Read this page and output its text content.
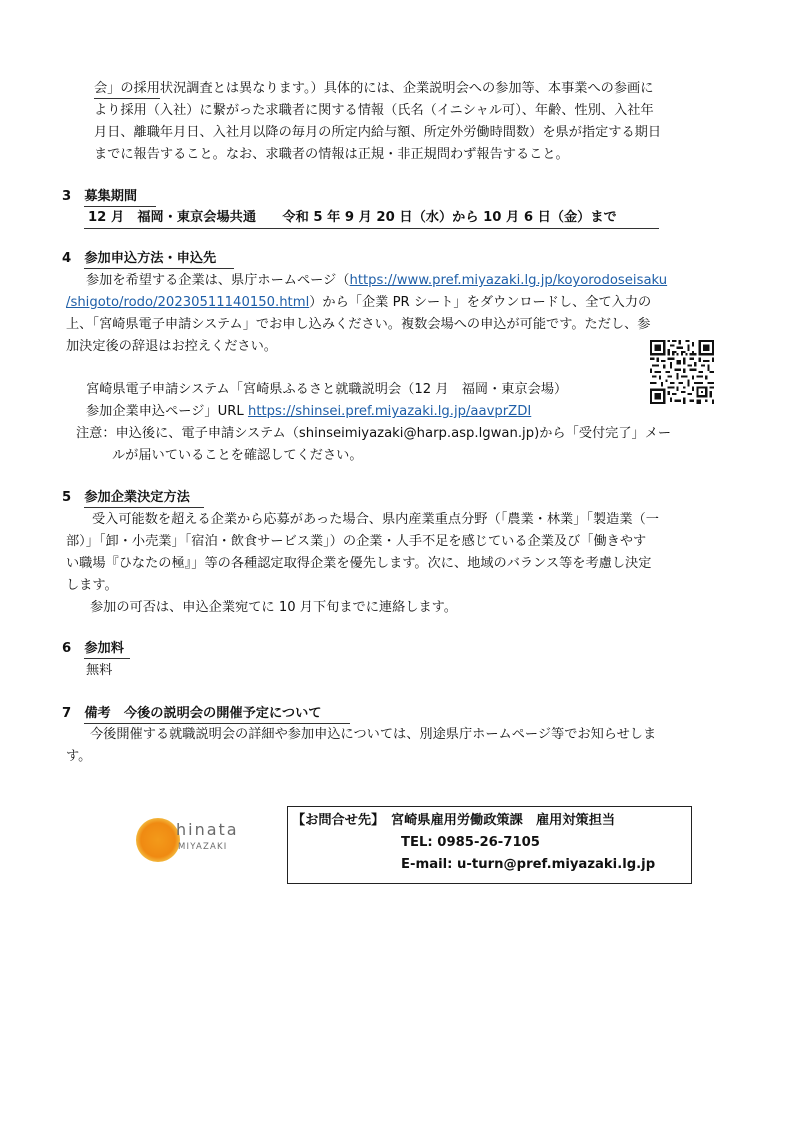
会」の採用状況調査とは異なります。）具体的には、企業説明会への参加等、本事業への参画に
より採用（入社）に繋がった求職者に関する情報（氏名（イニシャル可）、年齢、性別、入社年
月日、離職年月日、入社月以降の毎月の所定内給与額、所定外労働時間数）を県が指定する期日
までに報告すること。なお、求職者の情報は正規・非正規問わず報告すること。
3　募集期間
12 月　福岡・東京会場共通　　令和 5 年 9 月 20 日（水）から 10 月 6 日（金）まで
4　参加申込方法・申込先
参加を希望する企業は、県庁ホームページ（https://www.pref.miyazaki.lg.jp/koyorodoseisaku
/shigoto/rodo/20230511140150.html）から「企業 PR シート」をダウンロードし、全て入力の
上、「宮崎県電子申請システム」でお申し込みください。複数会場への申込が可能です。ただし、参
加決定後の辞退はお控えください。
宮崎県電子申請システム「宮崎県ふるさと就職説明会（12 月　福岡・東京会場）
参加企業申込ページ」URL https://shinsei.pref.miyazaki.lg.jp/aavprZDI
注意：申込後に、電子申請システム（shinseimiyazaki@harp.asp.lgwan.jp)から「受付完了」メー
ルが届いていることを確認してください。
5　参加企業決定方法
受入可能数を超える企業から応募があった場合、県内産業重点分野（「農業・林業」「製造業（一
部）」「卸・小売業」「宿泊・飲食サービス業」）の企業・人手不足を感じている企業及び「働きやす
い職場『ひなたの極』」等の各種認定取得企業を優先します。次に、地域のバランス等を考慮し決定
します。
参加の可否は、申込企業宛てに 10 月下旬までに連絡します。
6　参加料
無料
7　備考　今後の説明会の開催予定について
今後開催する就職説明会の詳細や参加申込については、別途県庁ホームページ等でお知らせしま
す。
hinata
MIYAZAKI
【お問合せ先】　宮崎県雇用労働政策課　雇用対策担当
TEL: 0985-26-7105
E-mail: u-turn@pref.miyazaki.lg.jp
